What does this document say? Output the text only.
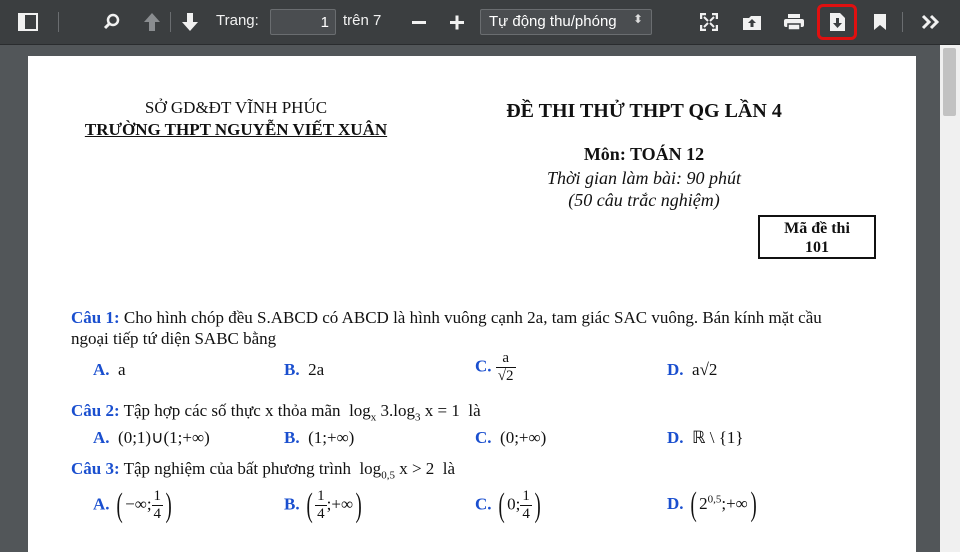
Trang:
1	trên 7	Tự động thu/phóng ⬍
SỞ GD&ĐT VĨNH PHÚC
TRƯỜNG THPT NGUYỄN VIẾT XUÂN
ĐỀ THI THỬ THPT QG LẦN 4
Môn: TOÁN 12
Thời gian làm bài: 90 phút
(50 câu trắc nghiệm)
Mã đề thi
101
Câu 1: Cho hình chóp đều S.ABCD có ABCD là hình vuông cạnh 2a, tam giác SAC vuông. Bán kính mặt cầu
ngoại tiếp tứ diện SABC bằng
A. a	B. 2a	C. $\frac{a}{√2}$	D. a√2
Câu 2: Tập hợp các số thực x thỏa mãn $\log_x 3.\log_3$ x = 1 là
A. (0;1)∪(1;+∞)	B. (1;+∞)	C. (0;+∞)	D. ℝ \ {1}
Câu 3: Tập nghiệm của bất phương trình $\log_{0,5} x > 2$ là
A. ( −∞; $\frac{1}{4}$ )	B. ( $\frac{1}{4}$ ;+∞)	C. ( 0; $\frac{1}{4}$ )	D. ( $2^{0,5};+\infty$)
